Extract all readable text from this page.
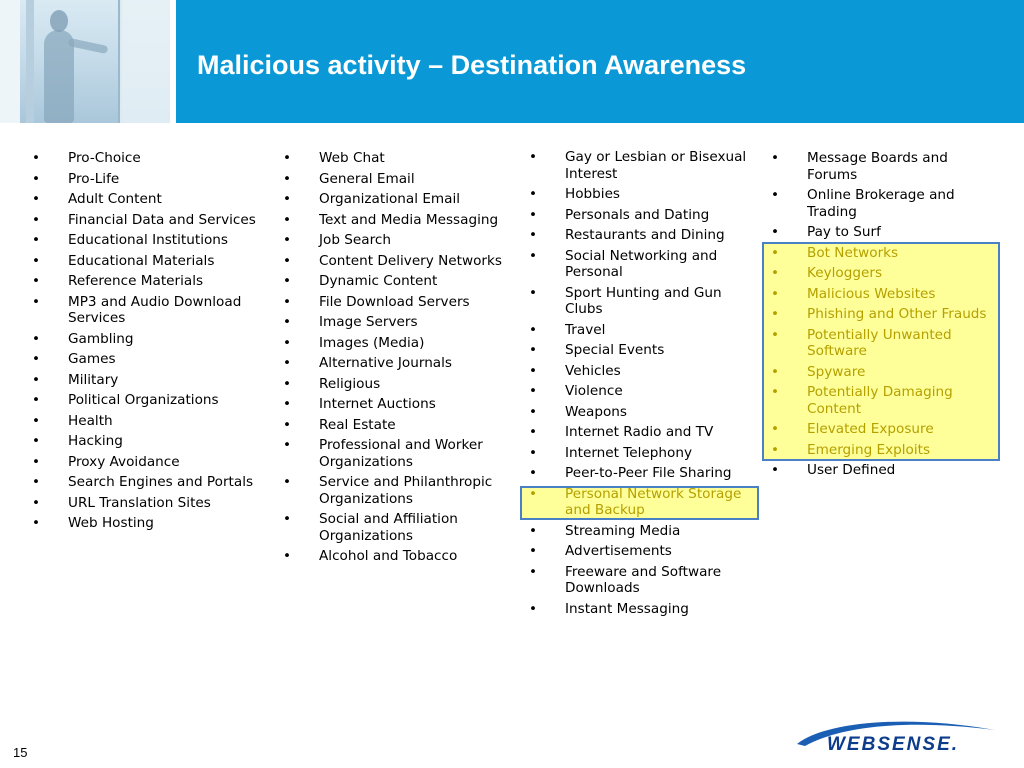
Malicious activity – Destination Awareness
• Pro-Choice
• Pro-Life
• Adult Content
• Financial Data and Services
• Educational Institutions
• Educational Materials
• Reference Materials
• MP3 and Audio Download Services
• Gambling
• Games
• Military
• Political Organizations
• Health
• Hacking
• Proxy Avoidance
• Search Engines and Portals
• URL Translation Sites
• Web Hosting
• Web Chat
• General Email
• Organizational Email
• Text and Media Messaging
• Job Search
• Content Delivery Networks
• Dynamic Content
• File Download Servers
• Image Servers
• Images (Media)
• Alternative Journals
• Religious
• Internet Auctions
• Real Estate
• Professional and Worker Organizations
• Service and Philanthropic Organizations
• Social and Affiliation Organizations
• Alcohol and Tobacco
• Gay or Lesbian or Bisexual Interest
• Hobbies
• Personals and Dating
• Restaurants and Dining
• Social Networking and Personal
• Sport Hunting and Gun Clubs
• Travel
• Special Events
• Vehicles
• Violence
• Weapons
• Internet Radio and TV
• Internet Telephony
• Peer-to-Peer File Sharing
• Personal Network Storage and Backup
• Streaming Media
• Advertisements
• Freeware and Software Downloads
• Instant Messaging
• Message Boards and Forums
• Online Brokerage and Trading
• Pay to Surf
• Bot Networks
• Keyloggers
• Malicious Websites
• Phishing and Other Frauds
• Potentially Unwanted Software
• Spyware
• Potentially Damaging Content
• Elevated Exposure
• Emerging Exploits
• User Defined
15	WEBSENSE.
